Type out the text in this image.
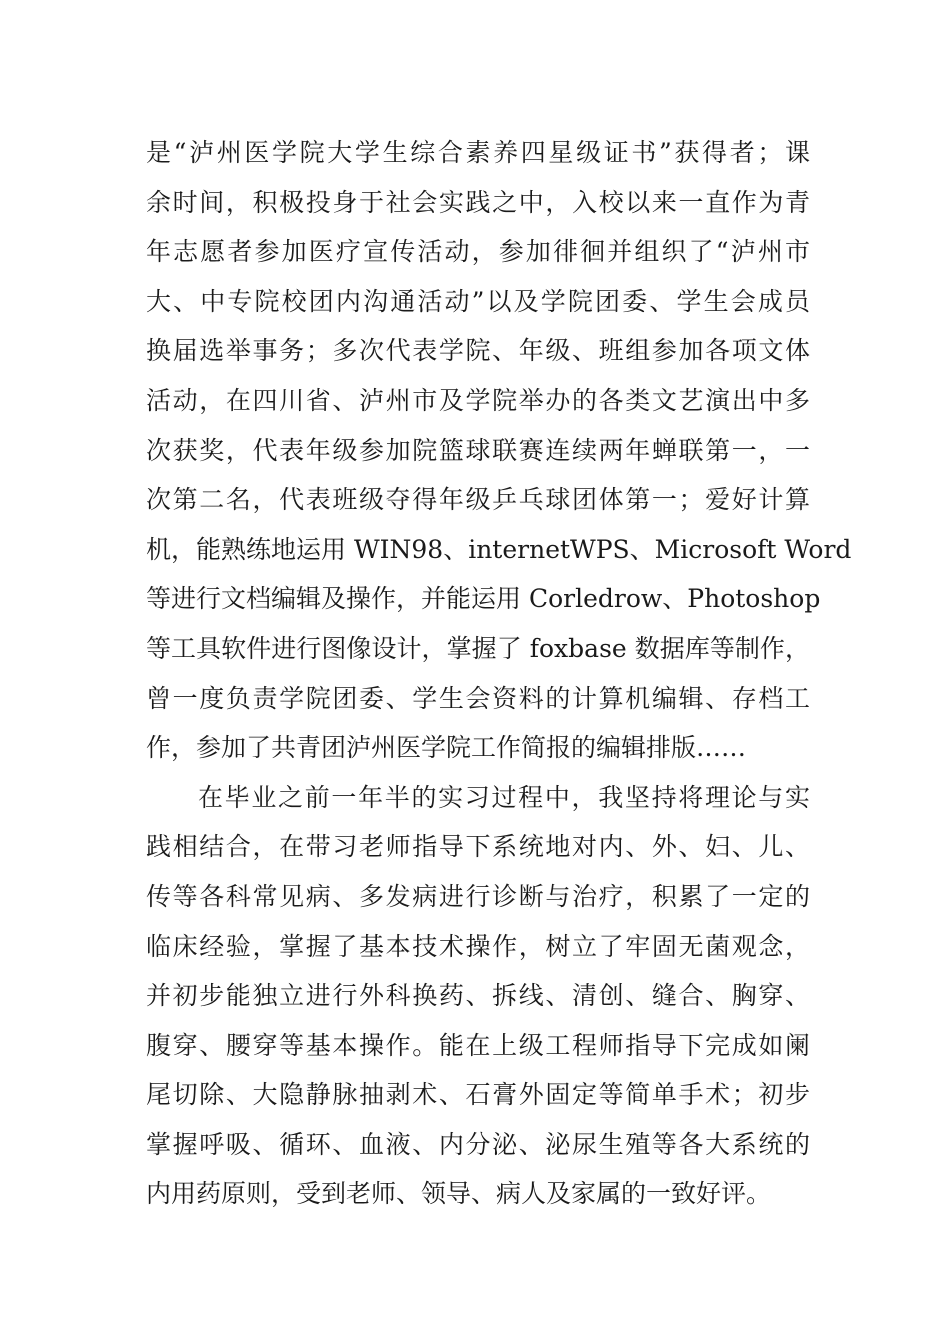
是“泸州医学院大学生综合素养四星级证书”获得者；课
余时间，积极投身于社会实践之中，入校以来一直作为青
年志愿者参加医疗宣传活动，参加徘徊并组织了“泸州市
大、中专院校团内沟通活动”以及学院团委、学生会成员
换届选举事务；多次代表学院、年级、班组参加各项文体
活动，在四川省、泸州市及学院举办的各类文艺演出中多
次获奖，代表年级参加院篮球联赛连续两年蝉联第一，一
次第二名，代表班级夺得年级乒乓球团体第一；爱好计算
机，能熟练地运用 WIN98、internetWPS、Microsoft Word
等进行文档编辑及操作，并能运用 Corledrow、Photoshop
等工具软件进行图像设计，掌握了 foxbase 数据库等制作，
曾一度负责学院团委、学生会资料的计算机编辑、存档工
作，参加了共青团泸州医学院工作简报的编辑排版……
在毕业之前一年半的实习过程中，我坚持将理论与实
践相结合，在带习老师指导下系统地对内、外、妇、儿、
传等各科常见病、多发病进行诊断与治疗，积累了一定的
临床经验，掌握了基本技术操作，树立了牢固无菌观念，
并初步能独立进行外科换药、拆线、清创、缝合、胸穿、
腹穿、腰穿等基本操作。能在上级工程师指导下完成如阑
尾切除、大隐静脉抽剥术、石膏外固定等简单手术；初步
掌握呼吸、循环、血液、内分泌、泌尿生殖等各大系统的
内用药原则，受到老师、领导、病人及家属的一致好评。
